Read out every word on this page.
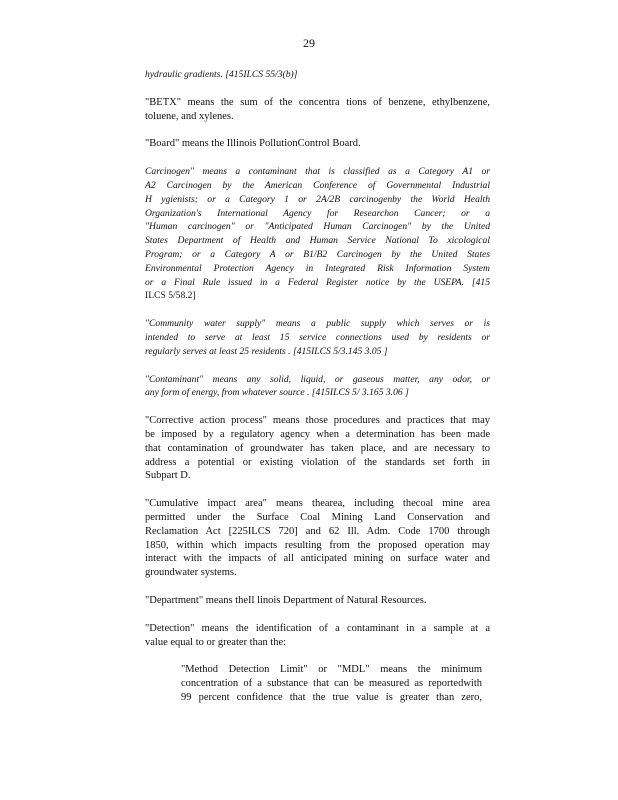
29

hydraulic gradients. [415ILCS 55/3(b)]

"BETX" means the sum of the concentra tions of benzene, ethylbenzene,
toluene, and xylenes.

"Board" means the Illinois PollutionControl Board.

Carcinogen" means a contaminant that is classified as a Category A1 or
A2 Carcinogen by the American Conference of Governmental Industrial
H ygienists; or a Category 1 or 2A/2B carcinogenby the World Health
Organization's International Agency for Researchon Cancer; or a
"Human carcinogen" or "Anticipated Human Carcinogen" by the United
States Department of Health and Human Service National To xicological
Program; or a Category A or B1/B2 Carcinogen by the United States
Environmental Protection Agency in Integrated Risk Information System
or a Final Rule issued in a Federal Register notice by the USEPA. [415
ILCS 5/58.2]

"Community water supply" means a public supply which serves or is
intended to serve at least 15 service connections used by residents or
regularly serves at least 25 residents . [415ILCS 5/3.145 3.05 ]

"Contaminant" means any solid, liquid, or gaseous matter, any odor, or
any form of energy, from whatever source . [415ILCS 5/ 3.165 3.06 ]

"Corrective action process" means those procedures and practices that may
be imposed by a regulatory agency when a determination has been made
that contamination of groundwater has taken place, and are necessary to
address a potential or existing violation of the standards set forth in
Subpart D.

"Cumulative impact area" means thearea, including thecoal mine area
permitted under the Surface Coal Mining Land Conservation and
Reclamation Act [225ILCS 720] and 62 Ill. Adm. Code 1700 through
1850, within which impacts resulting from the proposed operation may
interact with the impacts of all anticipated mining on surface water and
groundwater systems.

"Department" means theIl linois Department of Natural Resources.

"Detection" means the identification of a contaminant in a sample at a
value equal to or greater than the:

"Method Detection Limit" or "MDL" means the minimum
concentration of a substance that can be measured as reportedwith
99 percent confidence that the true value is greater than zero,
